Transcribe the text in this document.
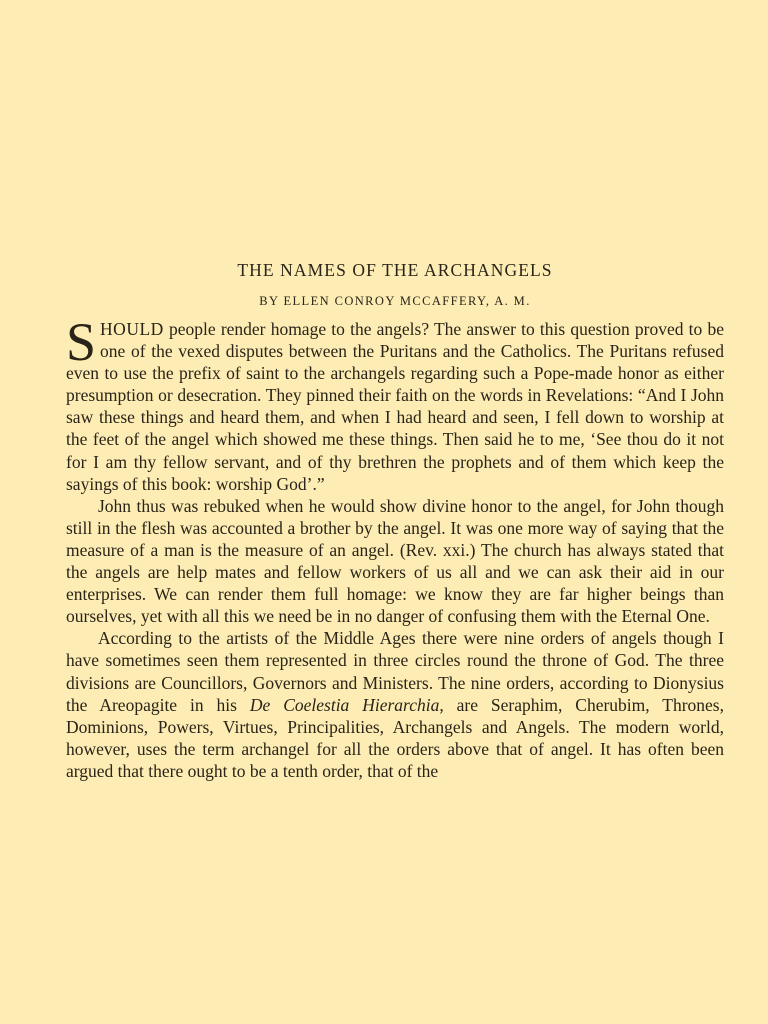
THE NAMES OF THE ARCHANGELS
BY ELLEN CONROY MCCAFFERY, A. M.

SHOULD people render homage to the angels? The answer to this question proved to be one of the vexed disputes between the Puritans and the Catholics. The Puritans refused even to use the prefix of saint to the archangels regarding such a Pope-made honor as either presumption or desecration. They pinned their faith on the words in Revelations: “And I John saw these things and heard them, and when I had heard and seen, I fell down to worship at the feet of the angel which showed me these things. Then said he to me, ‘See thou do it not for I am thy fellow servant, and of thy brethren the prophets and of them which keep the sayings of this book: worship God’.”

John thus was rebuked when he would show divine honor to the angel, for John though still in the flesh was accounted a brother by the angel. It was one more way of saying that the measure of a man is the measure of an angel. (Rev. xxi.) The church has always stated that the angels are help mates and fellow workers of us all and we can ask their aid in our enterprises. We can render them full homage: we know they are far higher beings than ourselves, yet with all this we need be in no danger of confusing them with the Eternal One.

According to the artists of the Middle Ages there were nine orders of angels though I have sometimes seen them represented in three circles round the throne of God. The three divisions are Councillors, Governors and Ministers. The nine orders, according to Dionysius the Areopagite in his De Coelestia Hierarchia, are Seraphim, Cherubim, Thrones, Dominions, Powers, Virtues, Principalities, Archangels and Angels. The modern world, however, uses the term archangel for all the orders above that of angel. It has often been argued that there ought to be a tenth order, that of the
